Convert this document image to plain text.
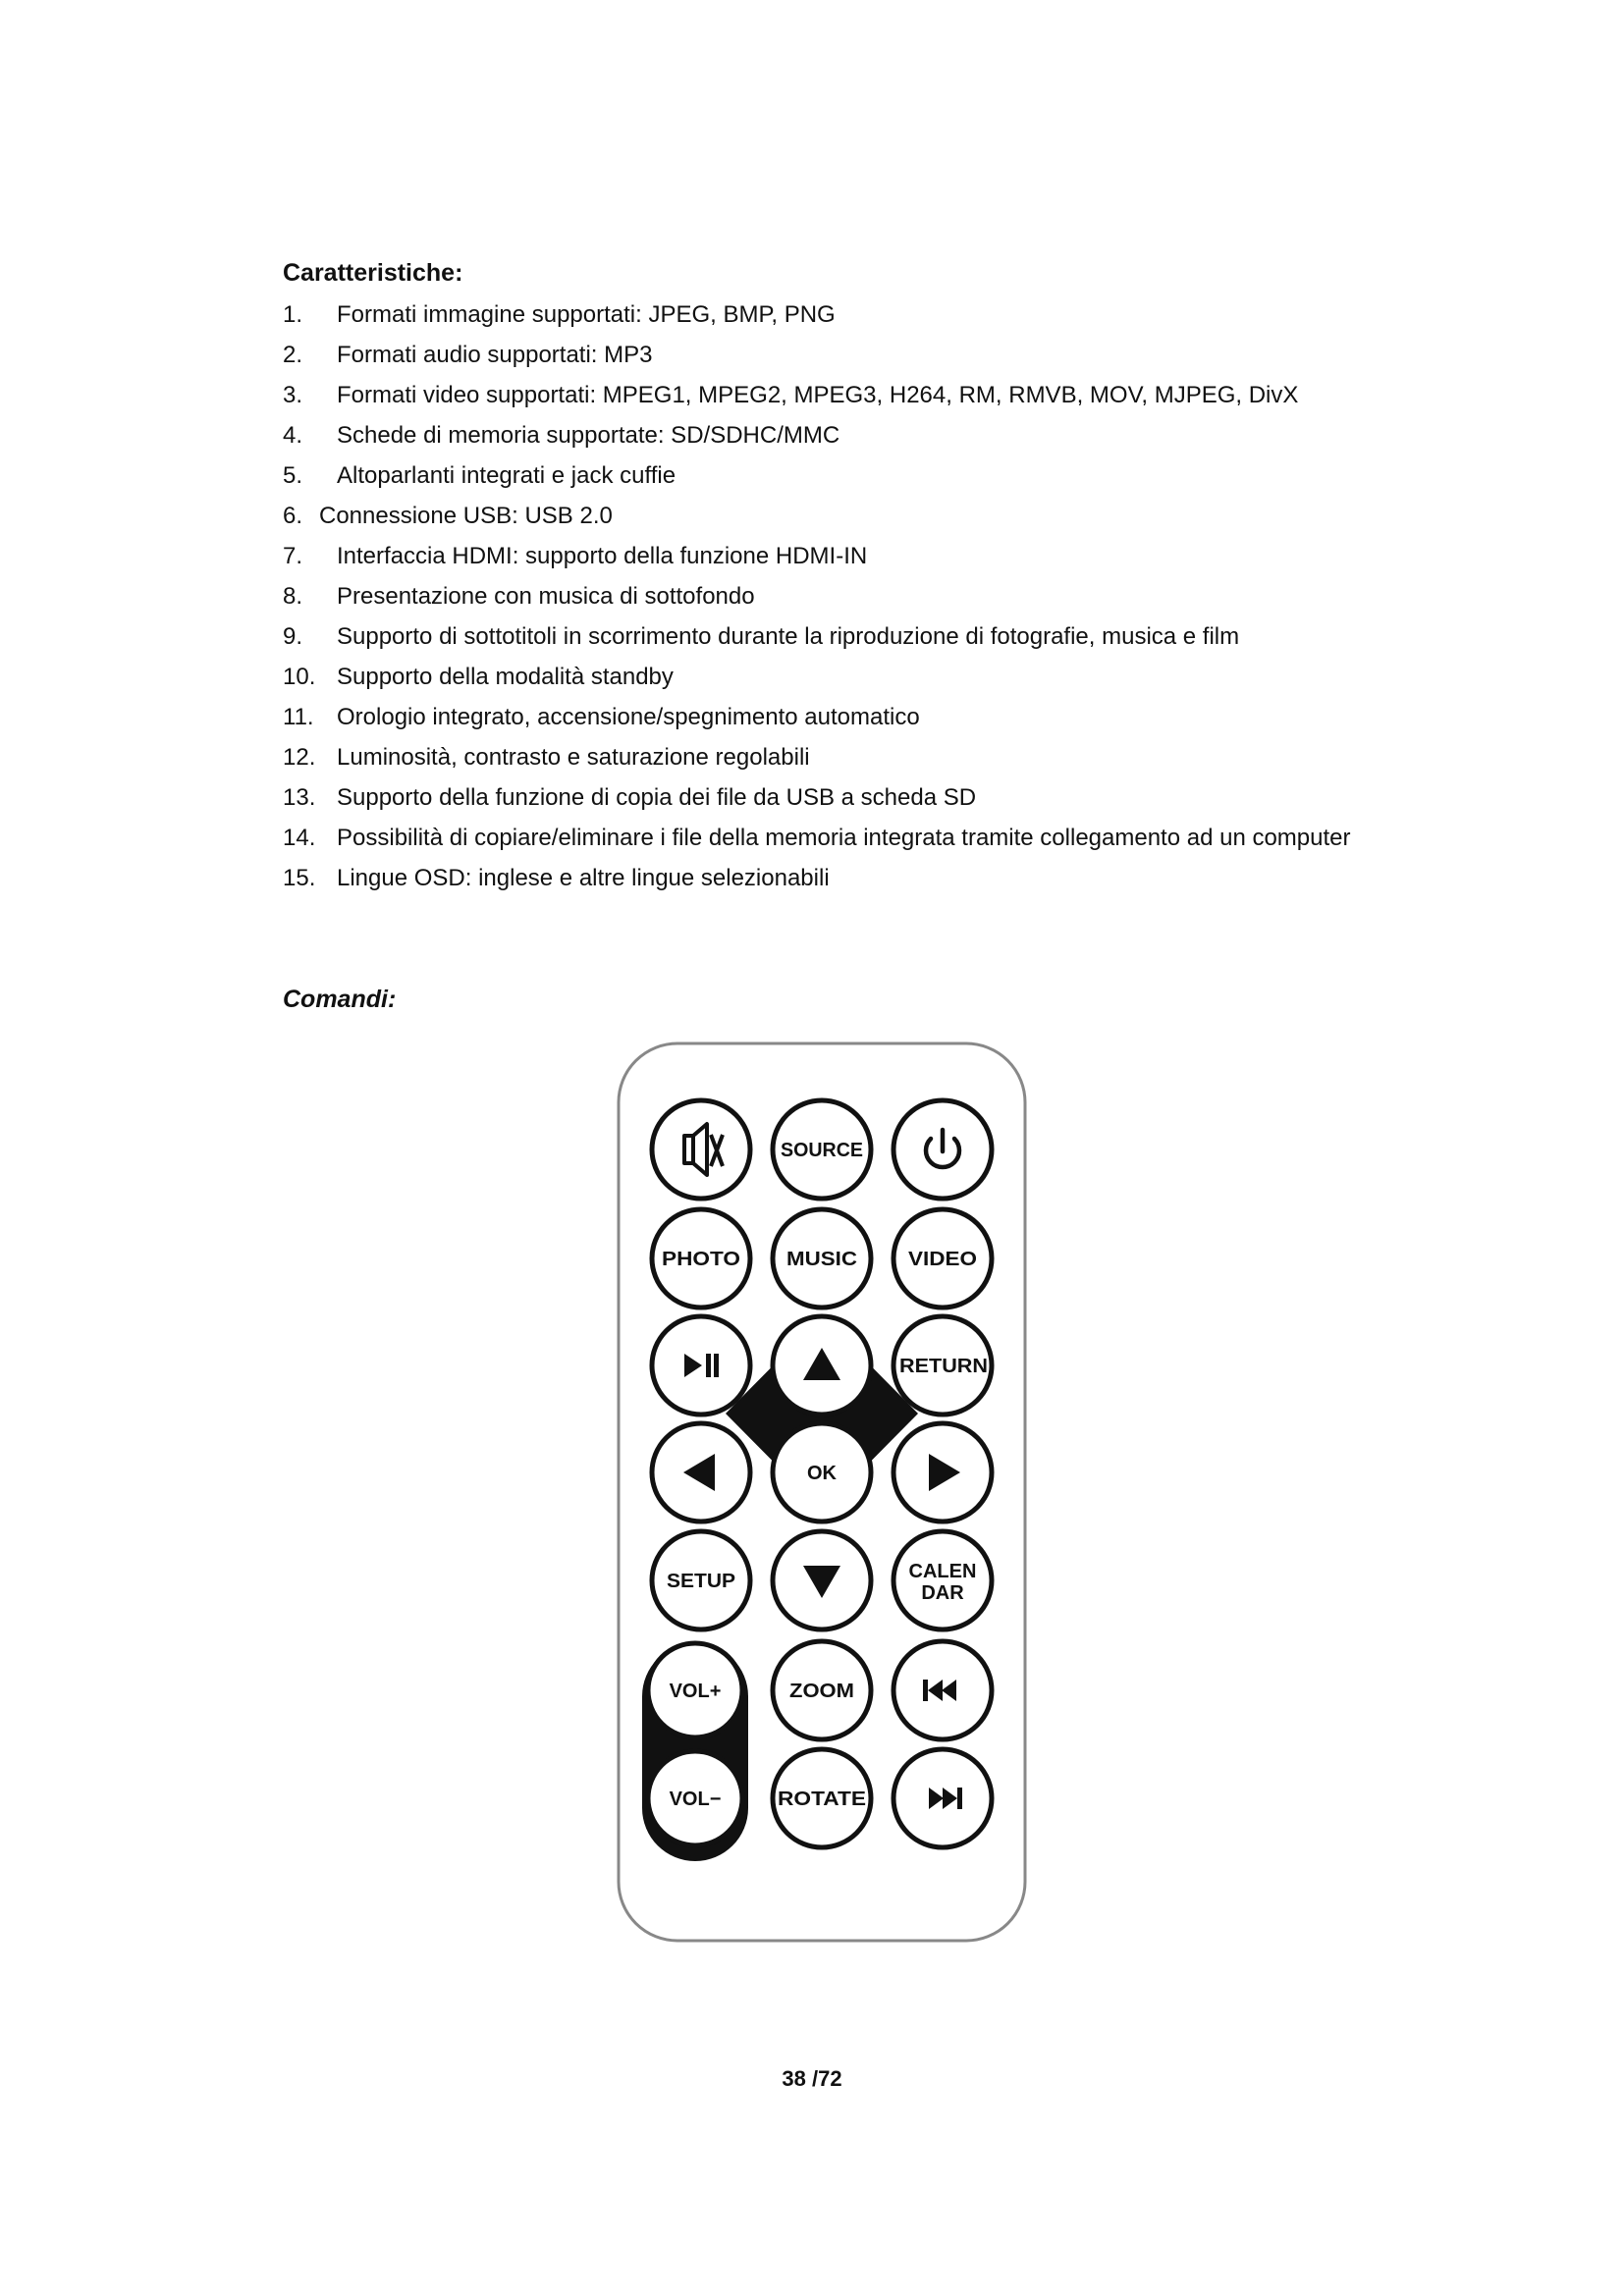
Caratteristiche:
1.	Formati immagine supportati: JPEG, BMP, PNG
2.	Formati audio supportati: MP3
3.	Formati video supportati: MPEG1, MPEG2, MPEG3, H264, RM, RMVB, MOV, MJPEG, DivX
4.	Schede di memoria supportate: SD/SDHC/MMC
5.	Altoparlanti integrati e jack cuffie
6. Connessione USB: USB 2.0
7.	Interfaccia HDMI: supporto della funzione HDMI-IN
8.	Presentazione con musica di sottofondo
9.	Supporto di sottotitoli in scorrimento durante la riproduzione di fotografie, musica e film
10. Supporto della modalità standby
11. Orologio integrato, accensione/spegnimento automatico
12. Luminosità, contrasto e saturazione regolabili
13. Supporto della funzione di copia dei file da USB a scheda SD
14. Possibilità di copiare/eliminare i file della memoria integrata tramite collegamento ad un computer
15. Lingue OSD: inglese e altre lingue selezionabili
Comandi:
SOURCE
PHOTO MUSIC	VIDEO
RETURN
OK
SETUP	CALEN
DAR
VOL+	ZOOM
VOL−	ROTATE
38 /72
